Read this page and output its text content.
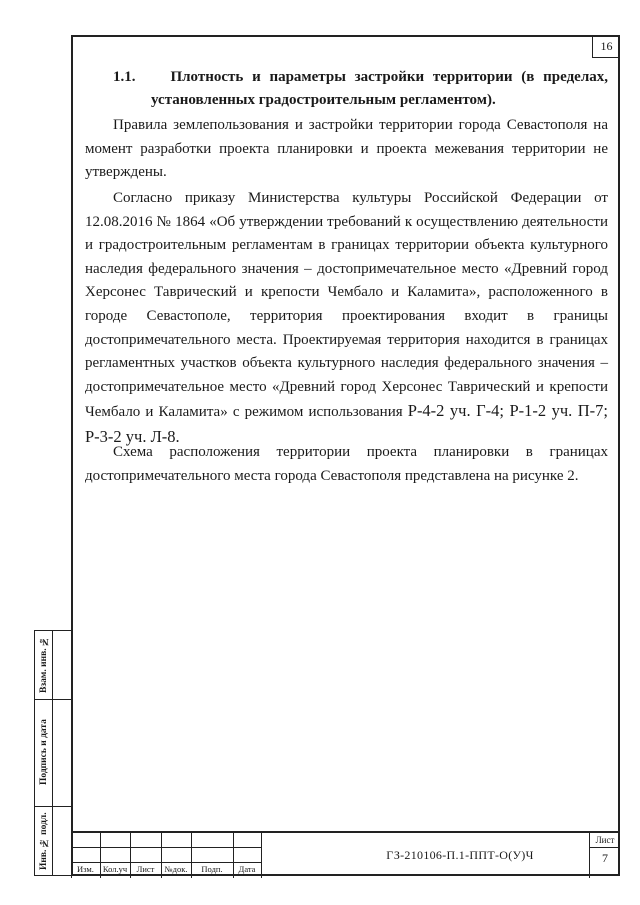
16
1.1. Плотность и параметры застройки территории (в пределах,
установленных градостроительным регламентом).

Правила землепользования и застройки территории города Севастополя на момент разработки проекта планировки и проекта межевания территории не утверждены.

Согласно приказу Министерства культуры Российской Федерации от 12.08.2016 № 1864 «Об утверждении требований к осуществлению деятельности и градостроительным регламентам в границах территории объекта культурного наследия федерального значения – достопримечательное место «Древний город Херсонес Таврический и крепости Чембало и Каламита», расположенного в городе Севастополе, территория проектирования входит в границы достопримечательного места. Проектируемая территория находится в границах регламентных участков объекта культурного наследия федерального значения – достопримечательное место «Древний город Херсонес Таврический и крепости Чембало и Каламита» с режимом использования Р-4-2 уч. Г-4; Р-1-2 уч. П-7; Р-3-2 уч. Л-8.

Схема расположения территории проекта планировки в границах достопримечательного места города Севастополя представлена на рисунке 2.

Взам. инв. №
Подпись и дата
Инв. № подл.	Изм.	Кол.уч	Лист	№док.	Подп.	Дата
ГЗ-210106-П.1-ППТ-О(У)Ч
Лист
7
